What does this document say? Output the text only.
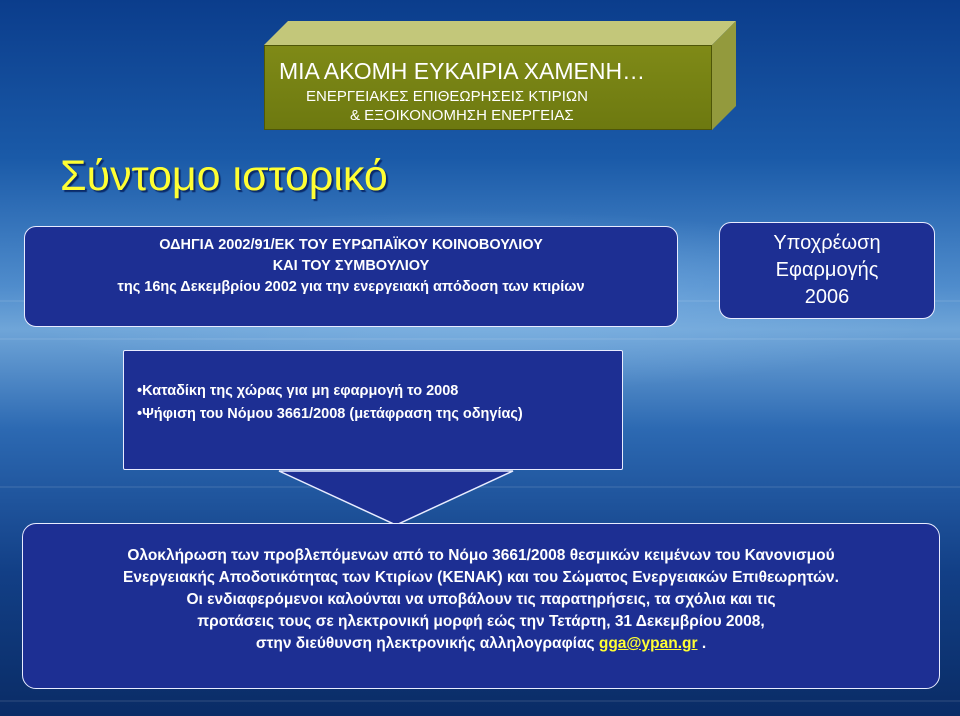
ΜΙΑ ΑΚΟΜΗ ΕΥΚΑΙΡΙΑ ΧΑΜΕΝΗ…
ΕΝΕΡΓΕΙΑΚΕΣ ΕΠΙΘΕΩΡΗΣΕΙΣ ΚΤΙΡΙΩΝ
& ΕΞΟΙΚΟΝΟΜΗΣΗ ΕΝΕΡΓΕΙΑΣ
Σύντομο ιστορικό
ΟΔΗΓΙΑ 2002/91/ΕΚ ΤΟΥ ΕΥΡΩΠΑΪΚΟΥ ΚΟΙΝΟΒΟΥΛΙΟΥ
ΚΑΙ ΤΟΥ ΣΥΜΒΟΥΛΙΟΥ
της 16ης Δεκεμβρίου 2002 για την ενεργειακή απόδοση των κτιρίων
Υποχρέωση
Εφαρμογής
2006
•Καταδίκη της χώρας για μη εφαρμογή το 2008
•Ψήφιση του Νόμου 3661/2008 (μετάφραση της οδηγίας)
Ολοκλήρωση των προβλεπόμενων από το Νόμο 3661/2008 θεσμικών κειμένων του Κανονισμού
Ενεργειακής Αποδοτικότητας των Κτιρίων (ΚΕΝΑΚ) και του Σώματος Ενεργειακών Επιθεωρητών.
Οι ενδιαφερόμενοι καλούνται να υποβάλουν τις παρατηρήσεις, τα σχόλια και τις
προτάσεις τους σε ηλεκτρονική μορφή εώς την Τετάρτη, 31 Δεκεμβρίου 2008,
στην διεύθυνση ηλεκτρονικής αλληλογραφίας gga@ypan.gr .
